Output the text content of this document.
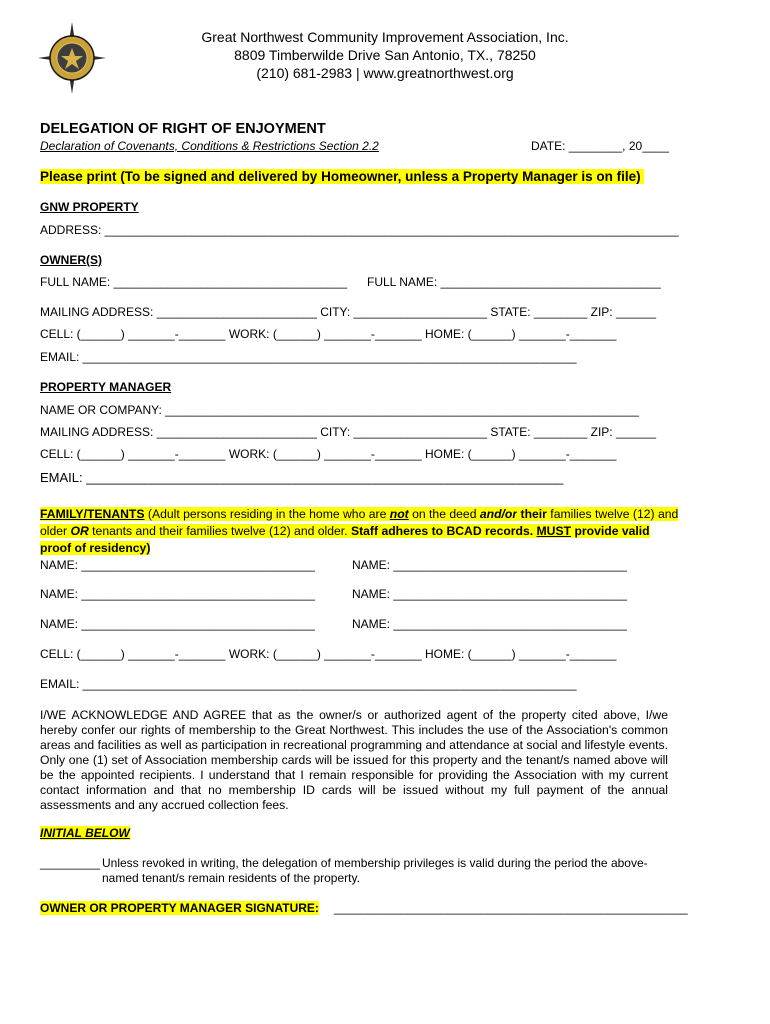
Great Northwest Community Improvement Association, Inc.
8809 Timberwilde Drive San Antonio, TX., 78250
(210) 681-2983 | www.greatnorthwest.org
DELEGATION OF RIGHT OF ENJOYMENT
Declaration of Covenants, Conditions & Restrictions Section 2.2	DATE: ________, 20____
Please print (To be signed and delivered by Homeowner, unless a Property Manager is on file)
GNW PROPERTY
ADDRESS: ______________________________________________________________________________________
OWNER(S)
FULL NAME: ___________________________________ FULL NAME: _________________________________
MAILING ADDRESS: ________________________ CITY: ____________________ STATE: ________ ZIP: ______
CELL: (______) _______-_______ WORK: (______) _______-_______ HOME: (______) _______-_______
EMAIL: __________________________________________________________________________
PROPERTY MANAGER
NAME OR COMPANY: _______________________________________________________________________
MAILING ADDRESS: ________________________ CITY: ____________________ STATE: ________ ZIP: ______
CELL: (______) _______-_______ WORK: (______) _______-_______ HOME: (______) _______-_______
EMAIL: __________________________________________________________________
FAMILY/TENANTS (Adult persons residing in the home who are not on the deed and/or their families twelve (12) and older OR tenants and their families twelve (12) and older. Staff adheres to BCAD records. MUST provide valid proof of residency)
NAME: ___________________________________	NAME: ___________________________________
NAME: ___________________________________	NAME: ___________________________________
NAME: ___________________________________	NAME: ___________________________________
CELL: (______) _______-_______ WORK: (______) _______-_______ HOME: (______) _______-_______
EMAIL: __________________________________________________________________________
I/WE ACKNOWLEDGE AND AGREE that as the owner/s or authorized agent of the property cited above, I/we hereby confer our rights of membership to the Great Northwest. This includes the use of the Association's common areas and facilities as well as participation in recreational programming and attendance at social and lifestyle events. Only one (1) set of Association membership cards will be issued for this property and the tenant/s named above will be the appointed recipients. I understand that I remain responsible for providing the Association with my current contact information and that no membership ID cards will be issued without my full payment of the annual assessments and any accrued collection fees.
INITIAL BELOW
_________ Unless revoked in writing, the delegation of membership privileges is valid during the period the above-
named tenant/s remain residents of the property.
OWNER OR PROPERTY MANAGER SIGNATURE: _____________________________________________________
